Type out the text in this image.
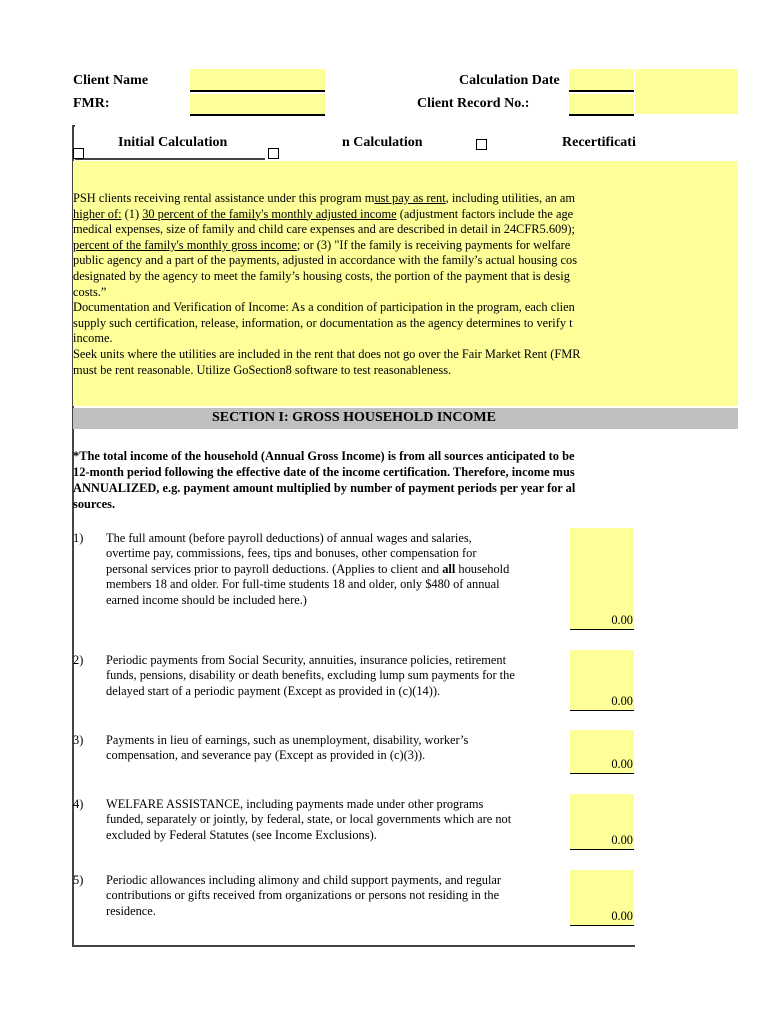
Client Name
FMR:
Calculation Date
Client Record No.:
Initial Calculation	n Calculation	Recertificati
PSH clients receiving rental assistance under this program must pay as rent, including utilities, an am
higher of: (1) 30 percent of the family's monthly adjusted income (adjustment factors include the age
medical expenses, size of family and child care expenses and are described in detail in 24CFR5.609);
percent of the family's monthly gross income; or (3) "If the family is receiving payments for welfare
public agency and a part of the payments, adjusted in accordance with the family’s actual housing cos
designated by the agency to meet the family’s housing costs, the portion of the payment that is desig
costs.”
Documentation and Verification of Income: As a condition of participation in the program, each clien
supply such certification, release, information, or documentation as the agency determines to verify t
income.
Seek units where the utilities are included in the rent that does not go over the Fair Market Rent (FMR
must be rent reasonable. Utilize GoSection8 software to test reasonableness.
SECTION I: GROSS HOUSEHOLD INCOME
*The total income of the household (Annual Gross Income) is from all sources anticipated to be
12-month period following the effective date of the income certification. Therefore, income mus
ANNUALIZED, e.g. payment amount multiplied by number of payment periods per year for al
sources.
1) The full amount (before payroll deductions) of annual wages and salaries,
overtime pay, commissions, fees, tips and bonuses, other compensation for
personal services prior to payroll deductions. (Applies to client and all household
members 18 and older. For full-time students 18 and older, only $480 of annual
earned income should be included here.)
0.00
2) Periodic payments from Social Security, annuities, insurance policies, retirement
funds, pensions, disability or death benefits, excluding lump sum payments for the
delayed start of a periodic payment (Except as provided in (c)(14)).
0.00
3) Payments in lieu of earnings, such as unemployment, disability, worker’s
compensation, and severance pay (Except as provided in (c)(3)).
0.00
4) WELFARE ASSISTANCE, including payments made under other programs
funded, separately or jointly, by federal, state, or local governments which are not
excluded by Federal Statutes (see Income Exclusions).	0.00
5) Periodic allowances including alimony and child support payments, and regular
contributions or gifts received from organizations or persons not residing in the
residence.	0.00
